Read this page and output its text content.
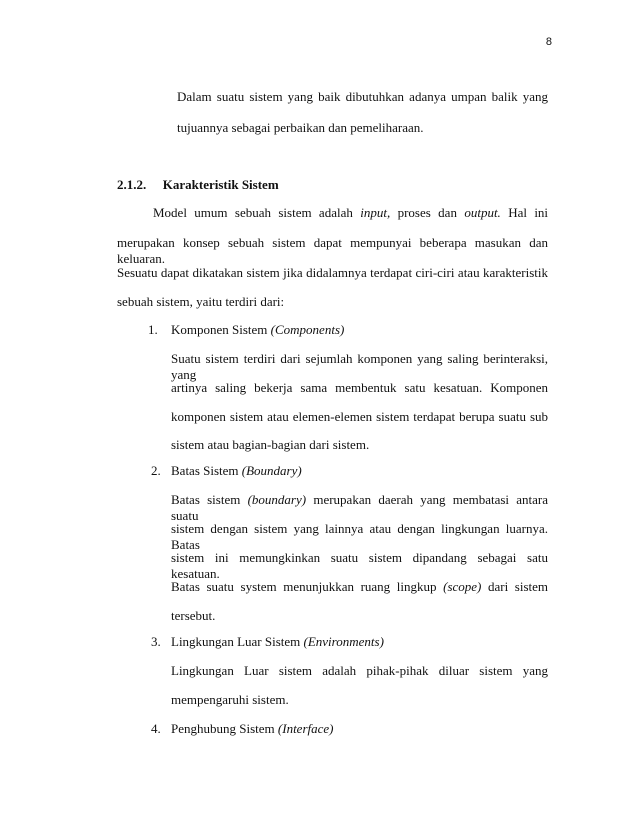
8
Dalam suatu sistem yang baik dibutuhkan adanya umpan balik yang
tujuannya sebagai perbaikan dan pemeliharaan.
2.1.2. Karakteristik Sistem
Model umum sebuah sistem adalah input, proses dan output. Hal ini
merupakan konsep sebuah sistem dapat mempunyai beberapa masukan dan keluaran.
Sesuatu dapat dikatakan sistem jika didalamnya terdapat ciri-ciri atau karakteristik
sebuah sistem, yaitu terdiri dari:
1. Komponen Sistem (Components)
Suatu sistem terdiri dari sejumlah komponen yang saling berinteraksi, yang
artinya saling bekerja sama membentuk satu kesatuan. Komponen
komponen sistem atau elemen-elemen sistem terdapat berupa suatu sub
sistem atau bagian-bagian dari sistem.
2. Batas Sistem (Boundary)
Batas sistem (boundary) merupakan daerah yang membatasi antara suatu
sistem dengan sistem yang lainnya atau dengan lingkungan luarnya. Batas
sistem ini memungkinkan suatu sistem dipandang sebagai satu kesatuan.
Batas suatu system menunjukkan ruang lingkup (scope) dari sistem
tersebut.
3. Lingkungan Luar Sistem (Environments)
Lingkungan Luar sistem adalah pihak-pihak diluar sistem yang
mempengaruhi sistem.
4. Penghubung Sistem (Interface)
